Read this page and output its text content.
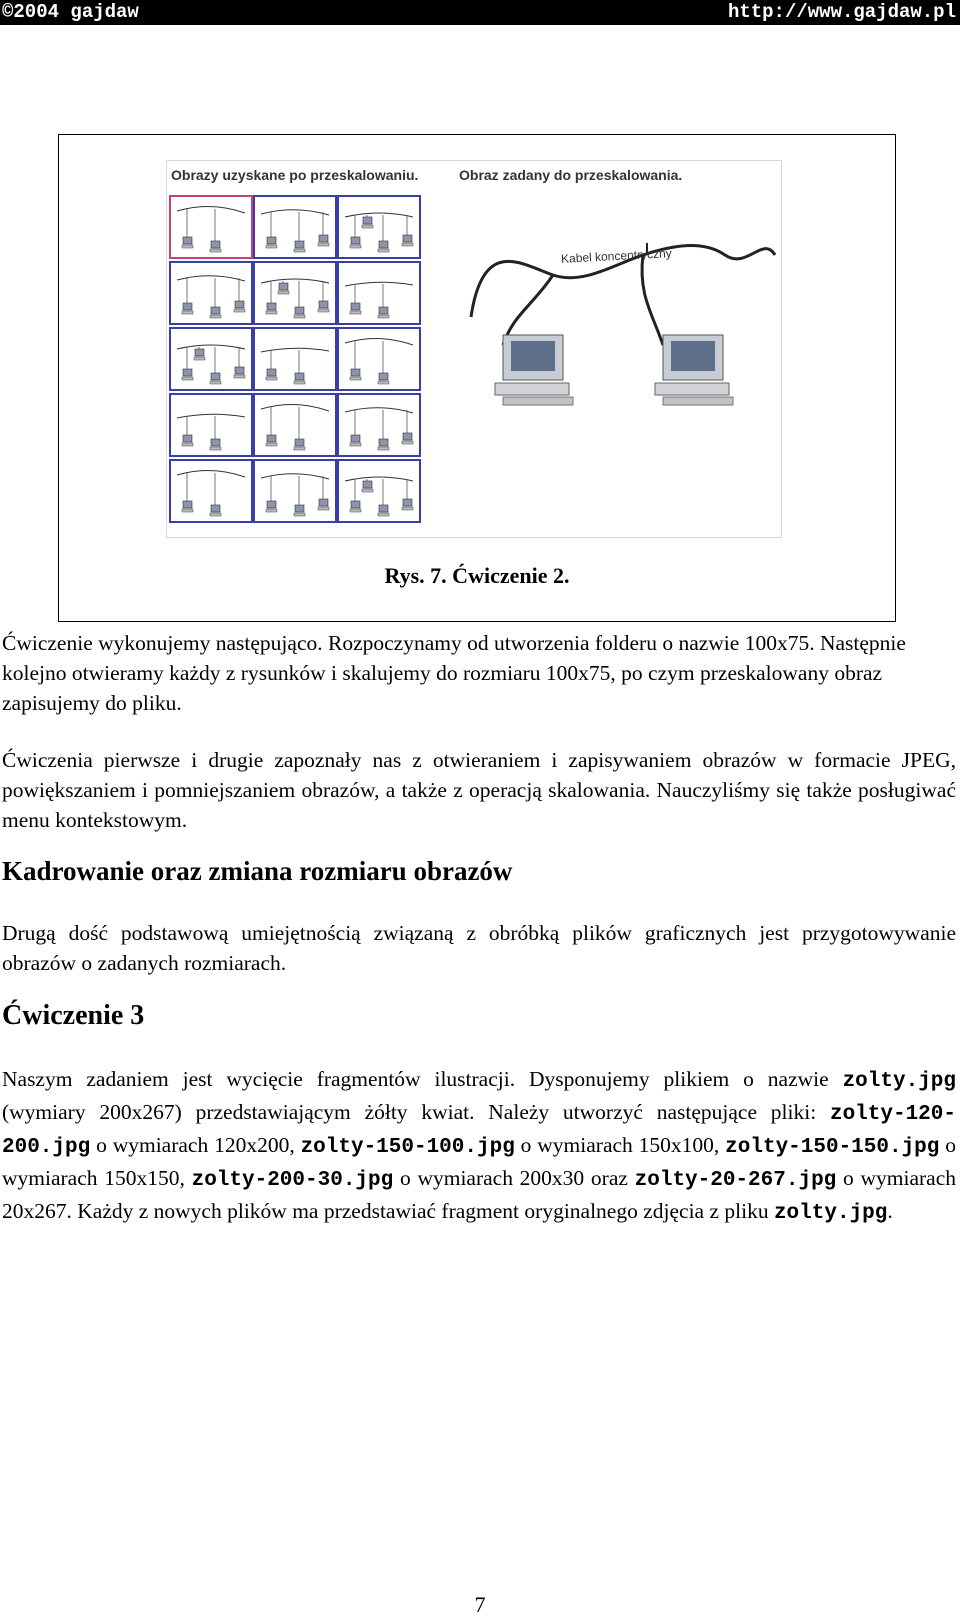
©2004 gajdaw	http://www.gajdaw.pl
Obrazy uzyskane po przeskalowaniu.	Obraz zadany do przeskalowania.
Kabel koncentryczny
Rys. 7. Ćwiczenie 2.

Ćwiczenie wykonujemy następująco. Rozpoczynamy od utworzenia folderu o nazwie 100x75. Następnie kolejno otwieramy każdy z rysunków i skalujemy do rozmiaru 100x75, po czym przeskalowany obraz zapisujemy do pliku.

Ćwiczenia pierwsze i drugie zapoznały nas z otwieraniem i zapisywaniem obrazów w formacie JPEG, powiększaniem i pomniejszaniem obrazów, a także z operacją skalowania. Nauczyliśmy się także posługiwać menu kontekstowym.

Kadrowanie oraz zmiana rozmiaru obrazów

Drugą dość podstawową umiejętnością związaną z obróbką plików graficznych jest przygotowywanie obrazów o zadanych rozmiarach.

Ćwiczenie 3

Naszym zadaniem jest wycięcie fragmentów ilustracji. Dysponujemy plikiem o nazwie zolty.jpg (wymiary 200x267) przedstawiającym żółty kwiat. Należy utworzyć następujące pliki: zolty-120-200.jpg o wymiarach 120x200, zolty-150-100.jpg o wymiarach 150x100, zolty-150-150.jpg o wymiarach 150x150, zolty-200-30.jpg o wymiarach 200x30 oraz zolty-20-267.jpg o wymiarach 20x267. Każdy z nowych plików ma przedstawiać fragment oryginalnego zdjęcia z pliku zolty.jpg.

7
